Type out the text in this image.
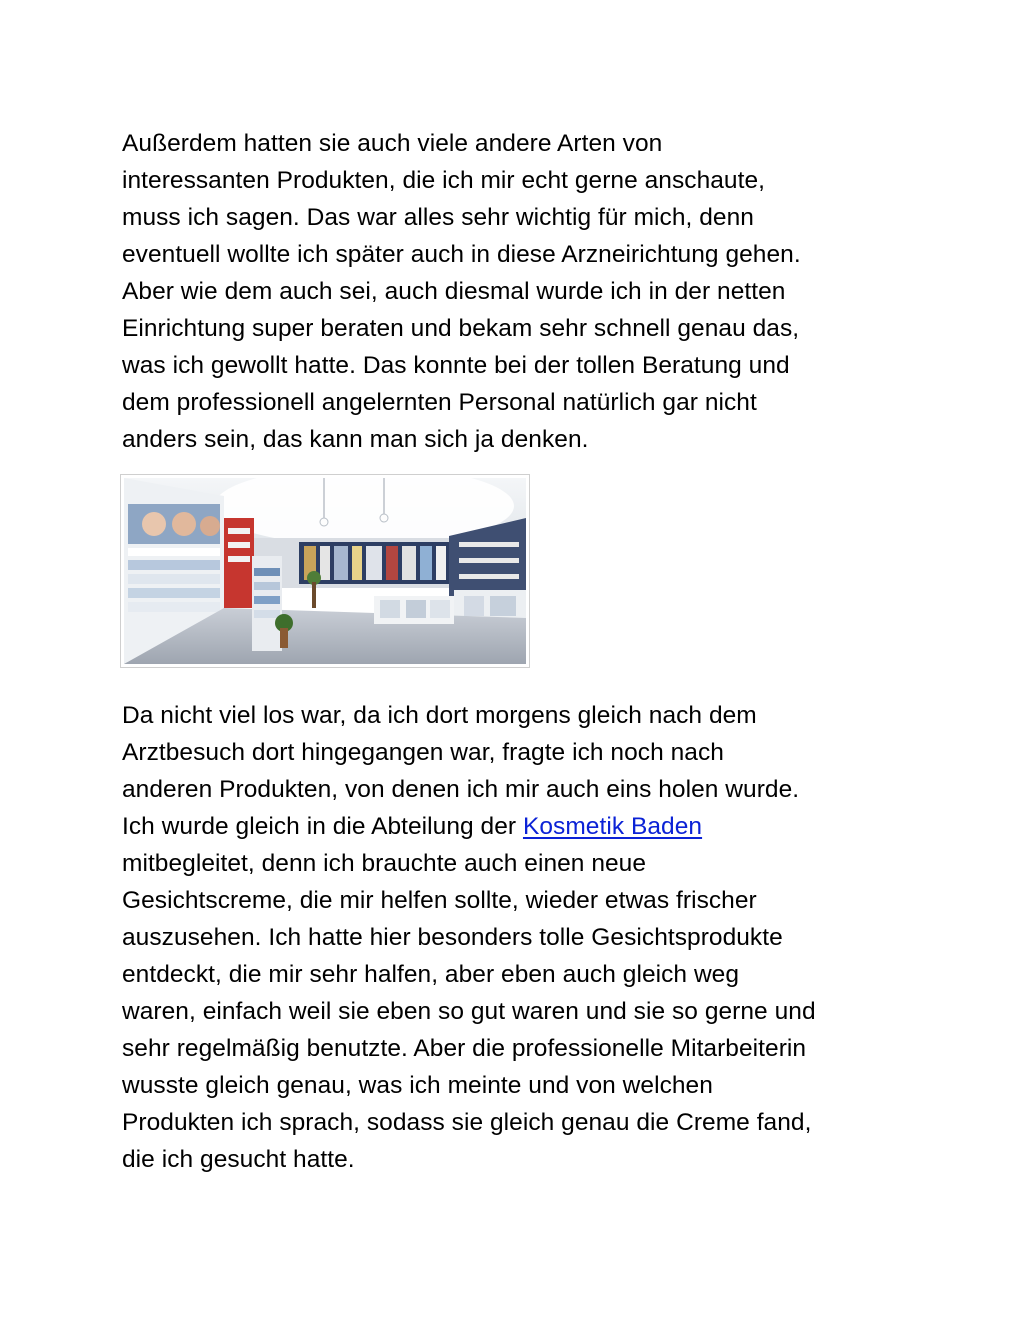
Außerdem hatten sie auch viele andere Arten von
interessanten Produkten, die ich mir echt gerne anschaute,
muss ich sagen. Das war alles sehr wichtig für mich, denn
eventuell wollte ich später auch in diese Arzneirichtung gehen.
Aber wie dem auch sei, auch diesmal wurde ich in der netten
Einrichtung super beraten und bekam sehr schnell genau das,
was ich gewollt hatte. Das konnte bei der tollen Beratung und
dem professionell angelernten Personal natürlich gar nicht
anders sein, das kann man sich ja denken.

Da nicht viel los war, da ich dort morgens gleich nach dem
Arztbesuch dort hingegangen war, fragte ich noch nach
anderen Produkten, von denen ich mir auch eins holen wurde.
Ich wurde gleich in die Abteilung der Kosmetik Baden
mitbegleitet, denn ich brauchte auch einen neue
Gesichtscreme, die mir helfen sollte, wieder etwas frischer
auszusehen. Ich hatte hier besonders tolle Gesichtsprodukte
entdeckt, die mir sehr halfen, aber eben auch gleich weg
waren, einfach weil sie eben so gut waren und sie so gerne und
sehr regelmäßig benutzte. Aber die professionelle Mitarbeiterin
wusste gleich genau, was ich meinte und von welchen
Produkten ich sprach, sodass sie gleich genau die Creme fand,
die ich gesucht hatte.
